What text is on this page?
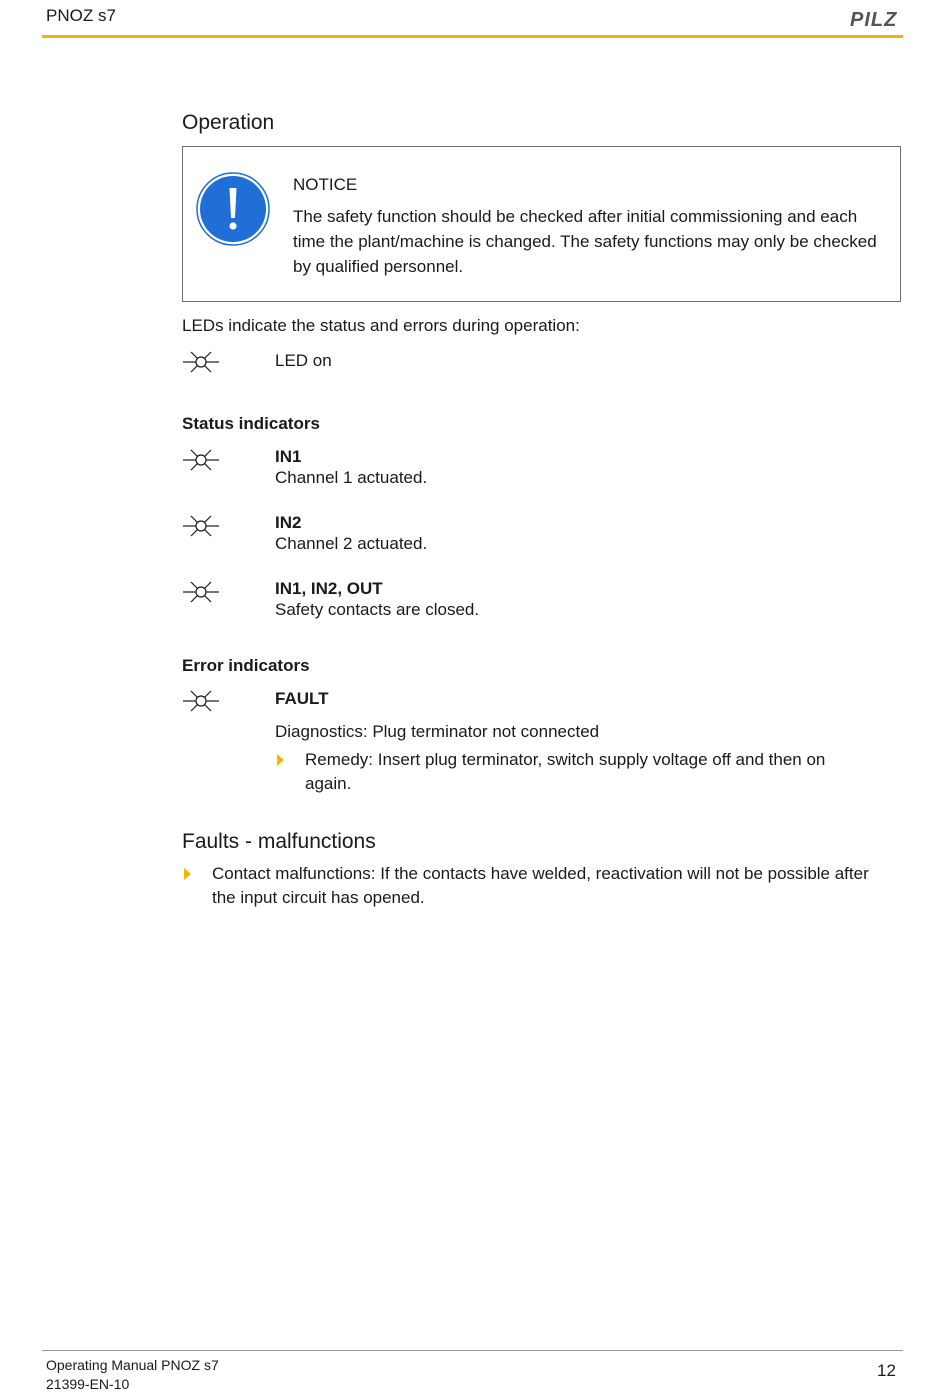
PNOZ s7	PILZ
Operation
NOTICE
The safety function should be checked after initial commissioning and each time the plant/machine is changed. The safety functions may only be checked by qualified personnel.
LEDs indicate the status and errors during operation:
LED on
Status indicators
IN1
Channel 1 actuated.
IN2
Channel 2 actuated.
IN1, IN2, OUT
Safety contacts are closed.
Error indicators
FAULT
Diagnostics: Plug terminator not connected
Remedy: Insert plug terminator, switch supply voltage off and then on
again.
Faults - malfunctions
Contact malfunctions: If the contacts have welded, reactivation will not be possible after
the input circuit has opened.
Operating Manual PNOZ s7
21399-EN-10
12
